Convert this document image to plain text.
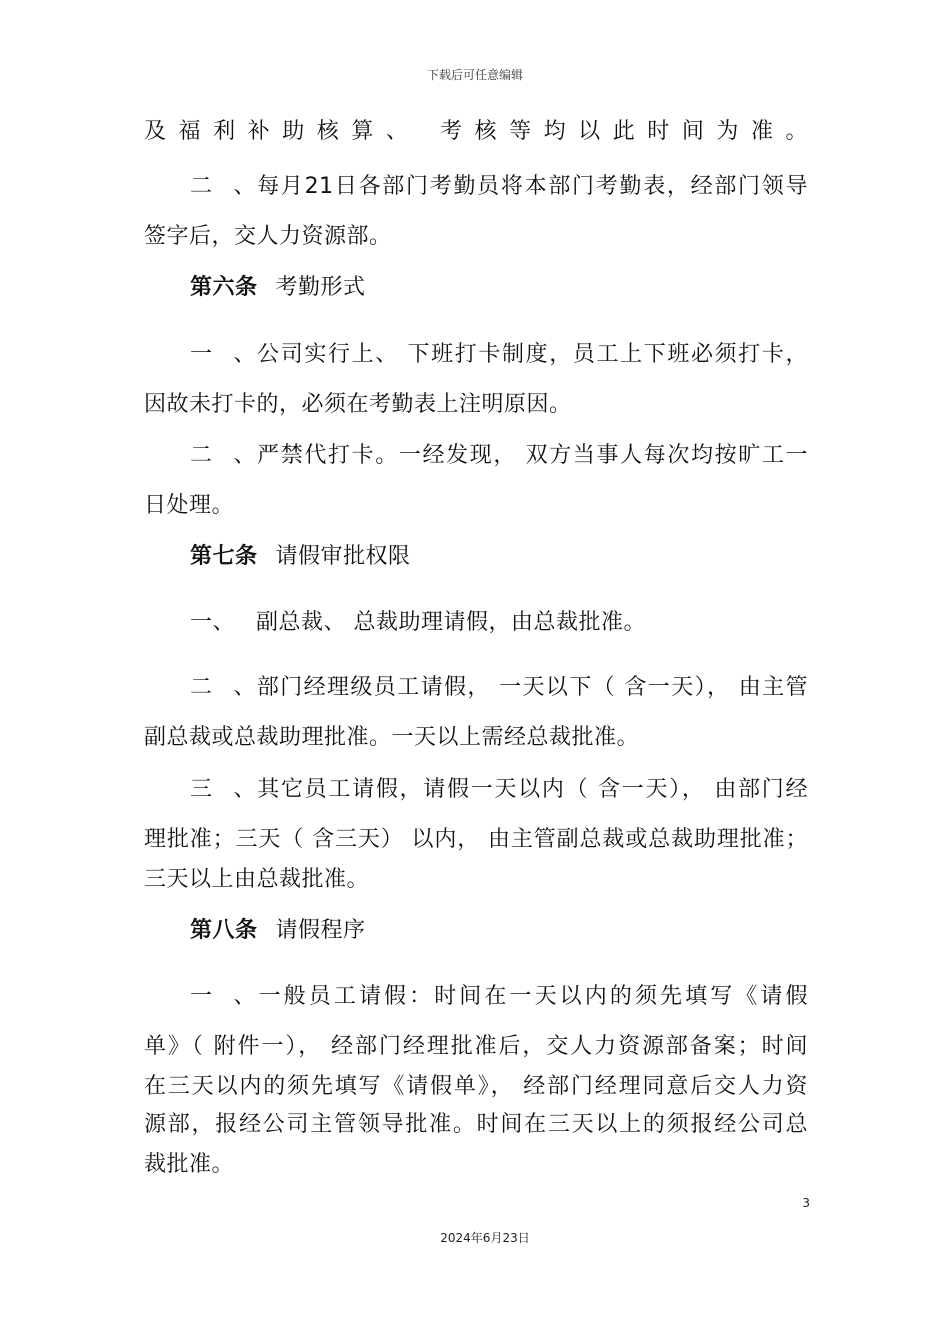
下载后可任意编辑
及福利补助核算、 考核等均以此时间为准。
二、每月21日各部门考勤员将本部门考勤表，经部门领导
签字后，交人力资源部。
第六条 考勤形式
一、公司实行上、 下班打卡制度，员工上下班必须打卡，
因故未打卡的，必须在考勤表上注明原因。
二、严禁代打卡。一经发现， 双方当事人每次均按旷工一
日处理。
第七条 请假审批权限
一、 副总裁、 总裁助理请假，由总裁批准。
二、部门经理级员工请假， 一天以下（ 含一天）， 由主管
副总裁或总裁助理批准。一天以上需经总裁批准。
三、其它员工请假，请假一天以内（ 含一天）， 由部门经
理批准；三天（ 含三天） 以内， 由主管副总裁或总裁助理批准；
三天以上由总裁批准。
第八条 请假程序
一、一般员工请假：时间在一天以内的须先填写《请假
单》（ 附件一）， 经部门经理批准后，交人力资源部备案；时间
在三天以内的须先填写《请假单》， 经部门经理同意后交人力资
源部，报经公司主管领导批准。时间在三天以上的须报经公司总
裁批准。
3
2024年6月23日
